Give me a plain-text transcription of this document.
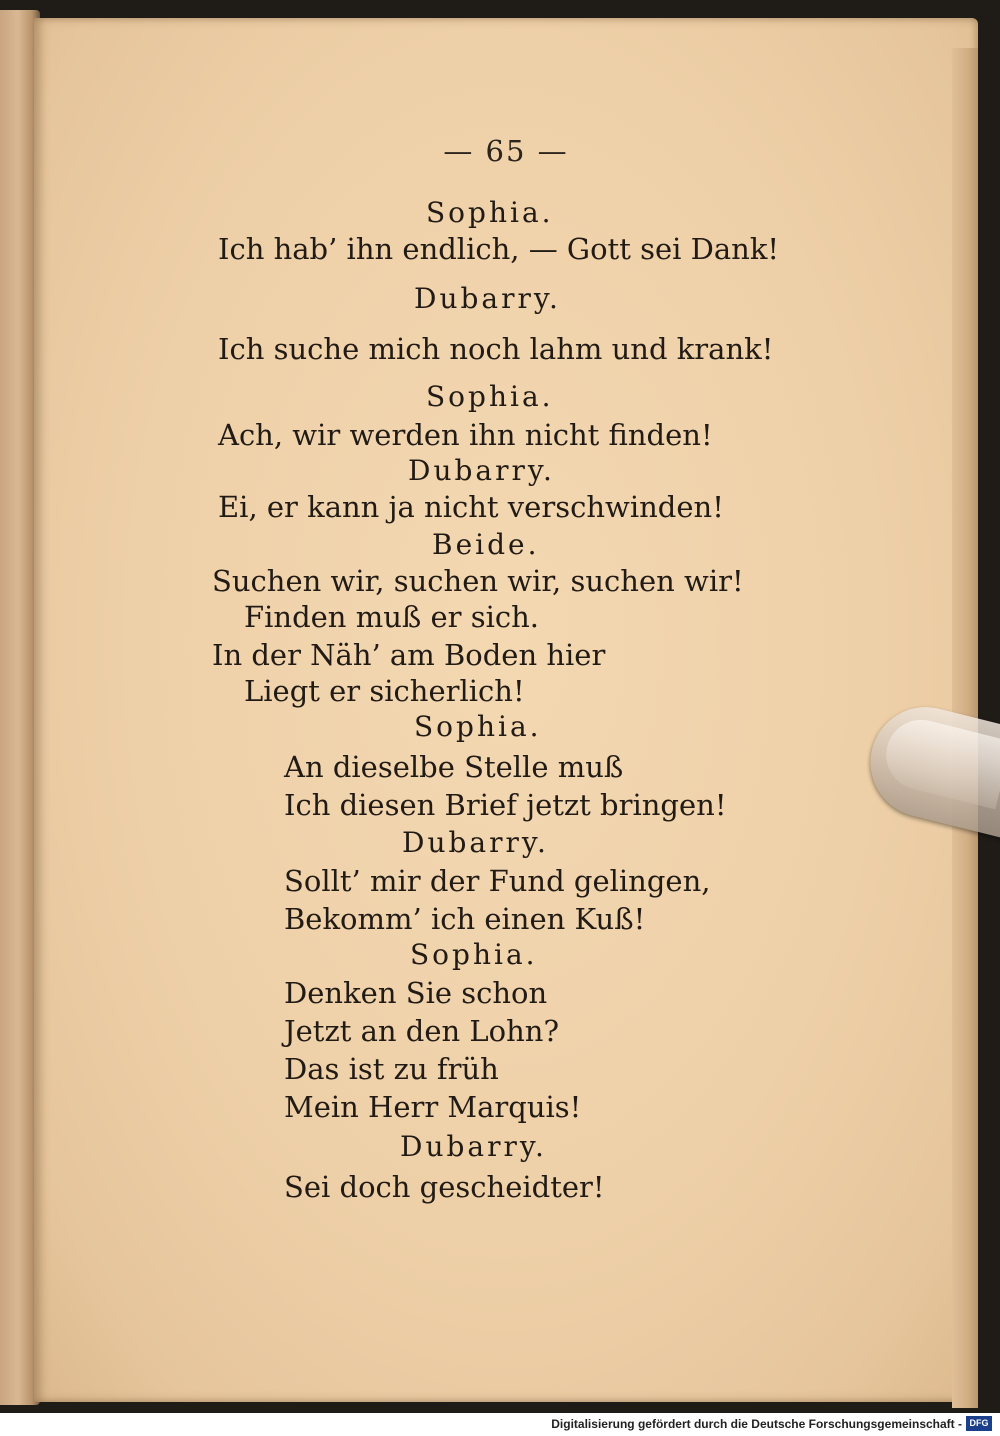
— 65 —
Sophia.
Ich hab’ ihn endlich, — Gott sei Dank!
Dubarry.
Ich suche mich noch lahm und krank!
Sophia.
Ach, wir werden ihn nicht finden!
Dubarry.
Ei, er kann ja nicht verschwinden!
Beide.
Suchen wir, suchen wir, suchen wir!
Finden muß er sich.
In der Näh’ am Boden hier
Liegt er sicherlich!
Sophia.
An dieselbe Stelle muß
Ich diesen Brief jetzt bringen!
Dubarry.
Sollt’ mir der Fund gelingen,
Bekomm’ ich einen Kuß!
Sophia.
Denken Sie schon
Jetzt an den Lohn?
Das ist zu früh
Mein Herr Marquis!
Dubarry.
Sei doch gescheidter!
Digitalisierung gefördert durch die Deutsche Forschungsgemeinschaft - DFG
